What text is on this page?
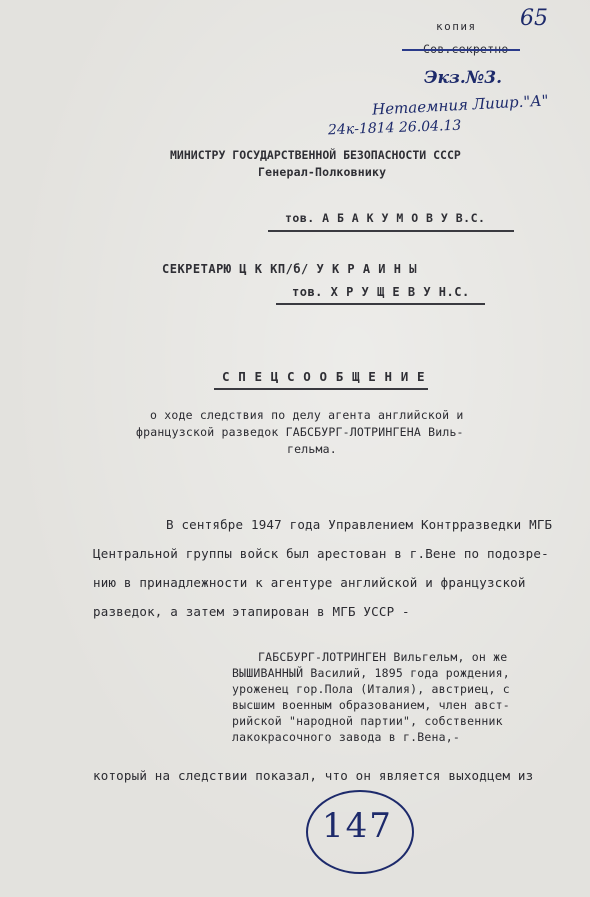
копия 65
Экз.№3.
Нетаемния Лишр."А"
24к-1814 26.04.13
МИНИСТРУ ГОСУДАРСТВЕННОЙ БЕЗОПАСНОСТИ СССР
Генерал-Полковнику
тов. А Б А К У М О В У В.С.
СЕКРЕТАРЮ Ц К КП/б/ У К Р А И Н Ы
тов. Х Р У Щ Е В У Н.С.
С П Е Ц С О О Б Щ Е Н И Е
о ходе следствия по делу агента английской и
французской разведок ГАБСБУРГ-ЛОТРИНГЕНА Виль-
гельма.
В сентябре 1947 года Управлением Контрразведки МГБ
Центральной группы войск был арестован в г.Вене по подозре-
нию в принадлежности к агентуре английской и французской
разведок, а затем этапирован в МГБ УССР -
ГАБСБУРГ-ЛОТРИНГЕН Вильгельм, он же
ВЫШИВАННЫЙ Василий, 1895 года рождения,
уроженец гор.Пола (Италия), австриец, с
высшим военным образованием, член авст-
рийской "народной партии", собственник
лакокрасочного завода в г.Вена,-
который на следствии показал, что он является выходцем из
147
